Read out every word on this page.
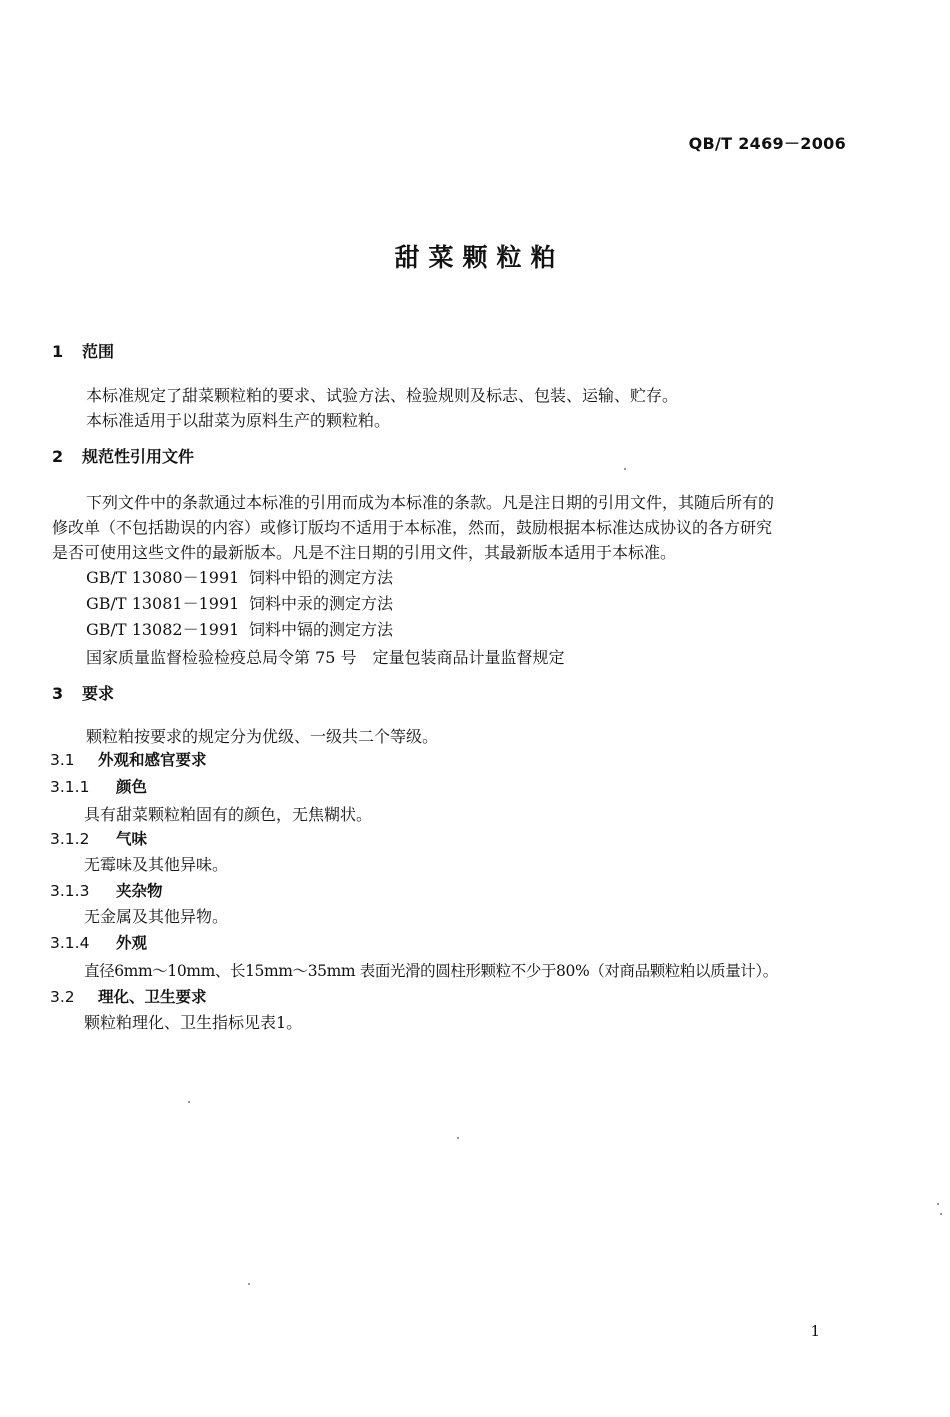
QB/T 2469－2006
甜菜颗粒粕
1 范围
本标准规定了甜菜颗粒粕的要求、试验方法、检验规则及标志、包装、运输、贮存。
本标准适用于以甜菜为原料生产的颗粒粕。
2 规范性引用文件
下列文件中的条款通过本标准的引用而成为本标准的条款。凡是注日期的引用文件，其随后所有的
修改单（不包括勘误的内容）或修订版均不适用于本标准，然而，鼓励根据本标准达成协议的各方研究
是否可使用这些文件的最新版本。凡是不注日期的引用文件，其最新版本适用于本标准。
GB/T 13080－1991 饲料中铅的测定方法
GB/T 13081－1991 饲料中汞的测定方法
GB/T 13082－1991 饲料中镉的测定方法
国家质量监督检验检疫总局令第 75 号　定量包装商品计量监督规定
3 要求
颗粒粕按要求的规定分为优级、一级共二个等级。
3.1 外观和感官要求
3.1.1 颜色
具有甜菜颗粒粕固有的颜色，无焦糊状。
3.1.2 气味
无霉味及其他异味。
3.1.3 夹杂物
无金属及其他异物。
3.1.4 外观
直径6mm～10mm、长15mm～35mm 表面光滑的圆柱形颗粒不少于80%（对商品颗粒粕以质量计）。
3.2 理化、卫生要求
颗粒粕理化、卫生指标见表1。
1
